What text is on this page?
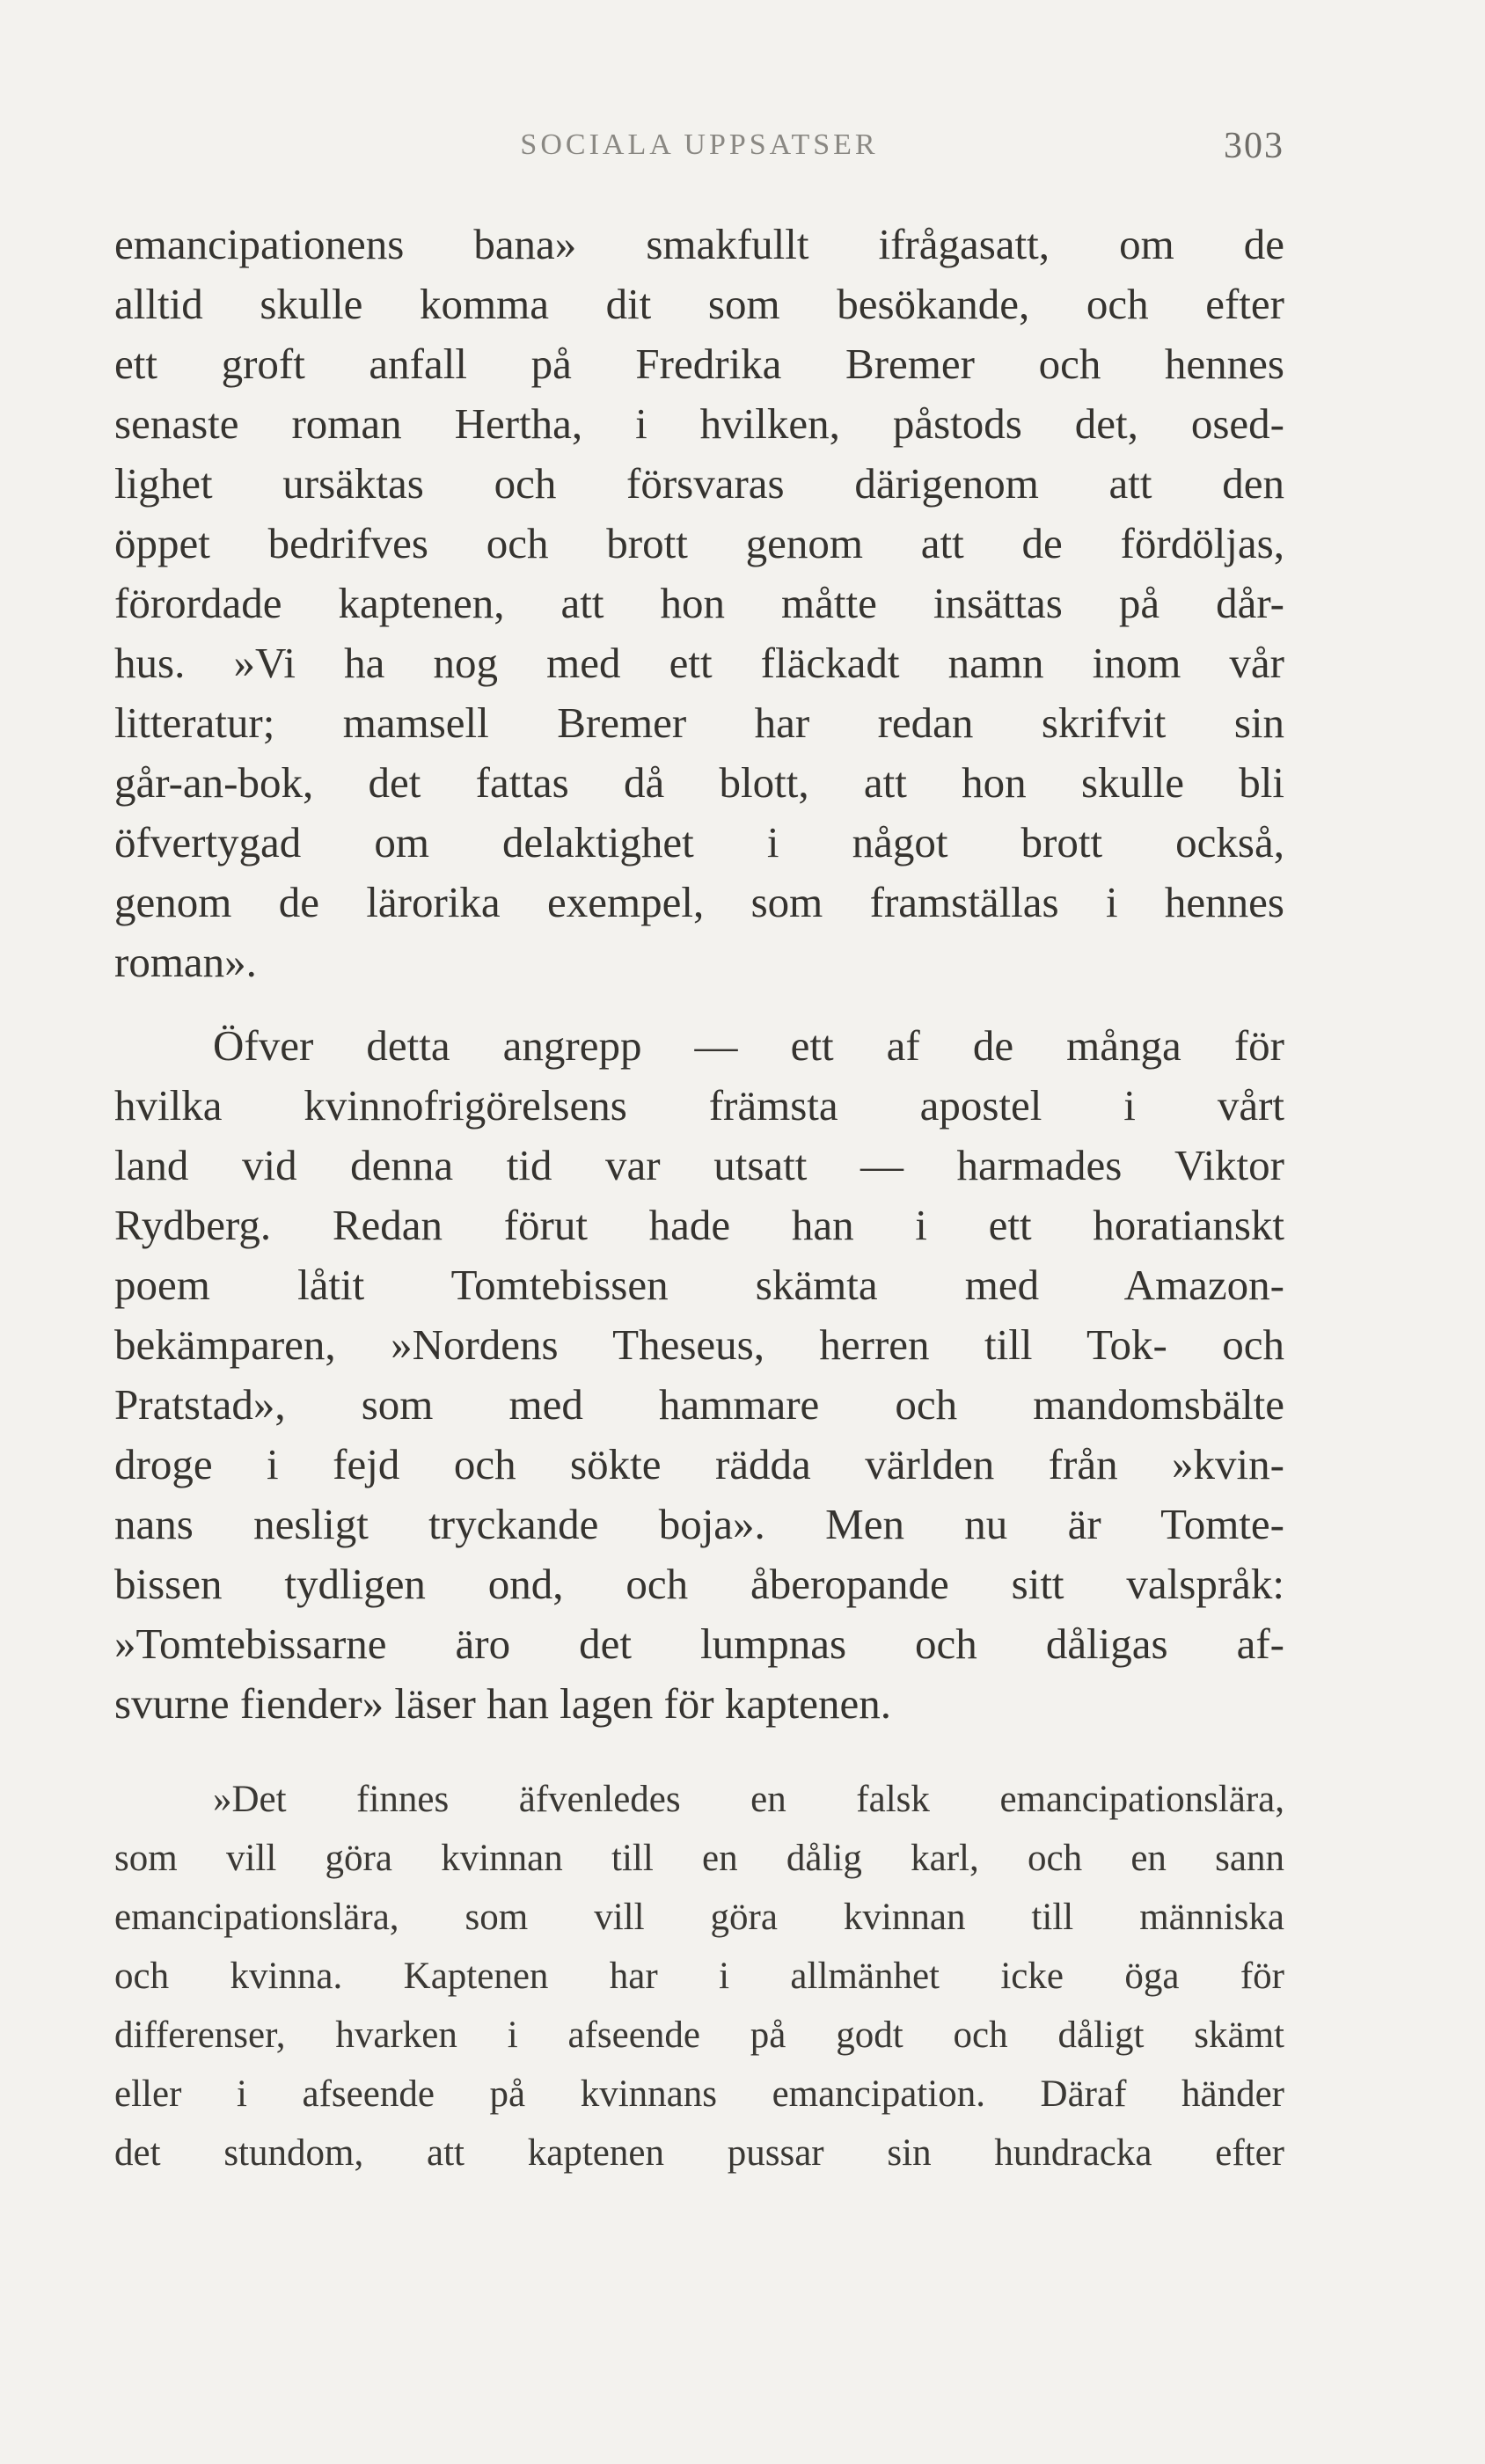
SOCIALA UPPSATSER	303
emancipationens bana» smakfullt ifrågasatt, om de
alltid skulle komma dit som besökande, och efter
ett groft anfall på Fredrika Bremer och hennes
senaste roman Hertha, i hvilken, påstods det, osed-
lighet ursäktas och försvaras därigenom att den
öppet bedrifves och brott genom att de fördöljas,
förordade kaptenen, att hon måtte insättas på dår-
hus. »Vi ha nog med ett fläckadt namn inom vår
litteratur; mamsell Bremer har redan skrifvit sin
går-an-bok, det fattas då blott, att hon skulle bli
öfvertygad om delaktighet i något brott också,
genom de lärorika exempel, som framställas i hennes
roman».
Öfver detta angrepp — ett af de många för
hvilka kvinnofrigörelsens främsta apostel i vårt
land vid denna tid var utsatt — harmades Viktor
Rydberg. Redan förut hade han i ett horatianskt
poem låtit Tomtebissen skämta med Amazon-
bekämparen, »Nordens Theseus, herren till Tok- och
Pratstad», som med hammare och mandomsbälte
droge i fejd och sökte rädda världen från »kvin-
nans nesligt tryckande boja». Men nu är Tomte-
bissen tydligen ond, och åberopande sitt valspråk:
»Tomtebissarne äro det lumpnas och dåligas af-
svurne fiender» läser han lagen för kaptenen.
»Det finnes äfvenledes en falsk emancipationslära,
som vill göra kvinnan till en dålig karl, och en sann
emancipationslära, som vill göra kvinnan till människa
och kvinna. Kaptenen har i allmänhet icke öga för
differenser, hvarken i afseende på godt och dåligt skämt
eller i afseende på kvinnans emancipation. Däraf händer
det stundom, att kaptenen pussar sin hundracka efter
